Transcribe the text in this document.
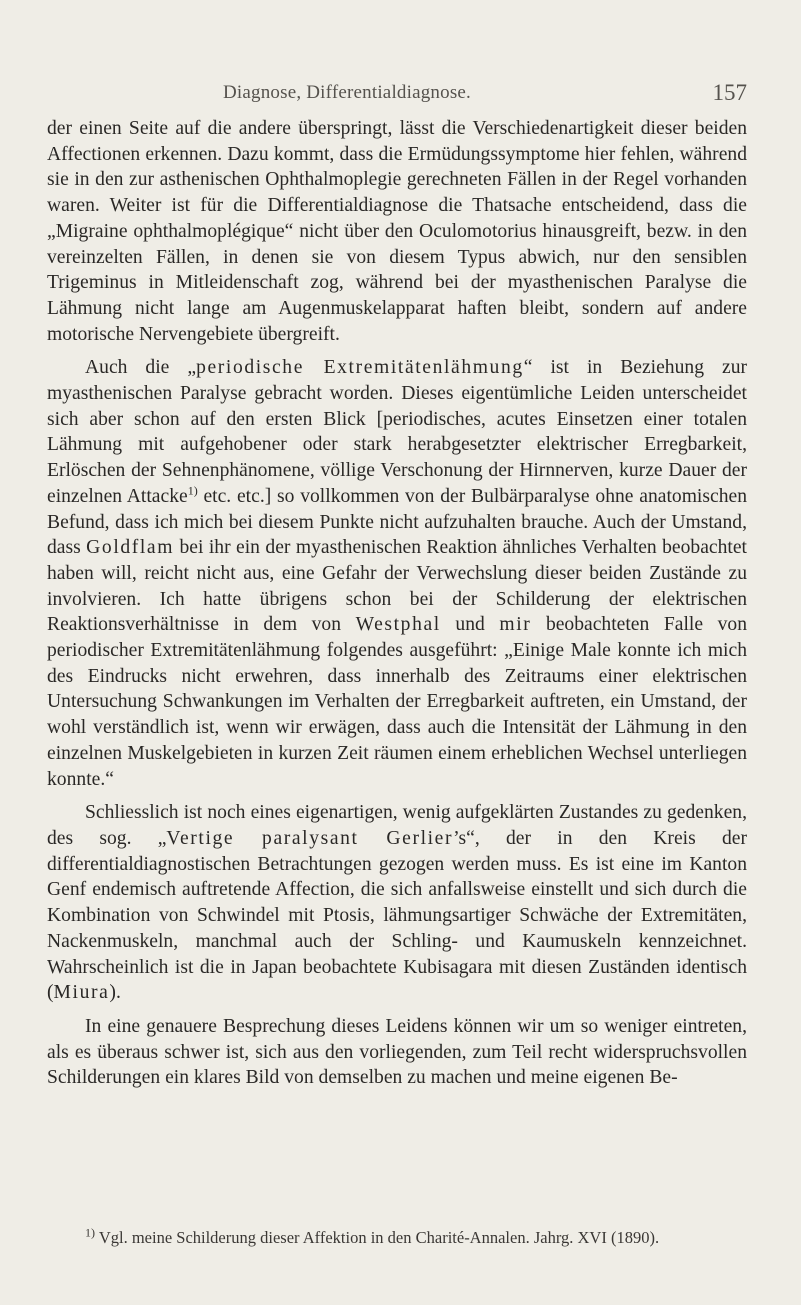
Diagnose, Differentialdiagnose.	157

der einen Seite auf die andere überspringt, lässt die Verschiedenartigkeit dieser beiden Affectionen erkennen. Dazu kommt, dass die Ermüdungssymptome hier fehlen, während sie in den zur asthenischen Ophthalmoplegie gerechneten Fällen in der Regel vorhanden waren. Weiter ist für die Differentialdiagnose die Thatsache entscheidend, dass die „Migraine ophthalmoplégique“ nicht über den Oculomotorius hinausgreift, bezw. in den vereinzelten Fällen, in denen sie von diesem Typus abwich, nur den sensiblen Trigeminus in Mitleidenschaft zog, während bei der myasthenischen Paralyse die Lähmung nicht lange am Augenmuskelapparat haften bleibt, sondern auf andere motorische Nervengebiete übergreift.

Auch die „periodische Extremitätenlähmung“ ist in Beziehung zur myasthenischen Paralyse gebracht worden. Dieses eigentümliche Leiden unterscheidet sich aber schon auf den ersten Blick [periodisches, acutes Einsetzen einer totalen Lähmung mit aufgehobener oder stark herabgesetzter elektrischer Erregbarkeit, Erlöschen der Sehnenphänomene, völlige Verschonung der Hirnnerven, kurze Dauer der einzelnen Attacke$^{1)}$ etc. etc.] so vollkommen von der Bulbärparalyse ohne anatomischen Befund, dass ich mich bei diesem Punkte nicht aufzuhalten brauche. Auch der Umstand, dass Goldflam bei ihr ein der myasthenischen Reaktion ähnliches Verhalten beobachtet haben will, reicht nicht aus, eine Gefahr der Verwechslung dieser beiden Zustände zu involvieren. Ich hatte übrigens schon bei der Schilderung der elektrischen Reaktionsverhältnisse in dem von Westphal und mir beobachteten Falle von periodischer Extremitätenlähmung folgendes ausgeführt: „Einige Male konnte ich mich des Eindrucks nicht erwehren, dass innerhalb des Zeitraums einer elektrischen Untersuchung Schwankungen im Verhalten der Erregbarkeit auftreten, ein Umstand, der wohl verständlich ist, wenn wir erwägen, dass auch die Intensität der Lähmung in den einzelnen Muskelgebieten in kurzen Zeit räumen einem erheblichen Wechsel unterliegen konnte.“

Schliesslich ist noch eines eigenartigen, wenig aufgeklärten Zustandes zu gedenken, des sog. „Vertige paralysant Gerlier’s“, der in den Kreis der differentialdiagnostischen Betrachtungen gezogen werden muss. Es ist eine im Kanton Genf endemisch auftretende Affection, die sich anfallsweise einstellt und sich durch die Kombination von Schwindel mit Ptosis, lähmungsartiger Schwäche der Extremitäten, Nackenmuskeln, manchmal auch der Schling- und Kaumuskeln kennzeichnet. Wahrscheinlich ist die in Japan beobachtete Kubisagara mit diesen Zuständen identisch (Miura).

In eine genauere Besprechung dieses Leidens können wir um so weniger eintreten, als es überaus schwer ist, sich aus den vorliegenden, zum Teil recht widerspruchsvollen Schilderungen ein klares Bild von demselben zu machen und meine eigenen Be-

$^{1)}$ Vgl. meine Schilderung dieser Affektion in den Charité-Annalen. Jahrg. XVI (1890).
